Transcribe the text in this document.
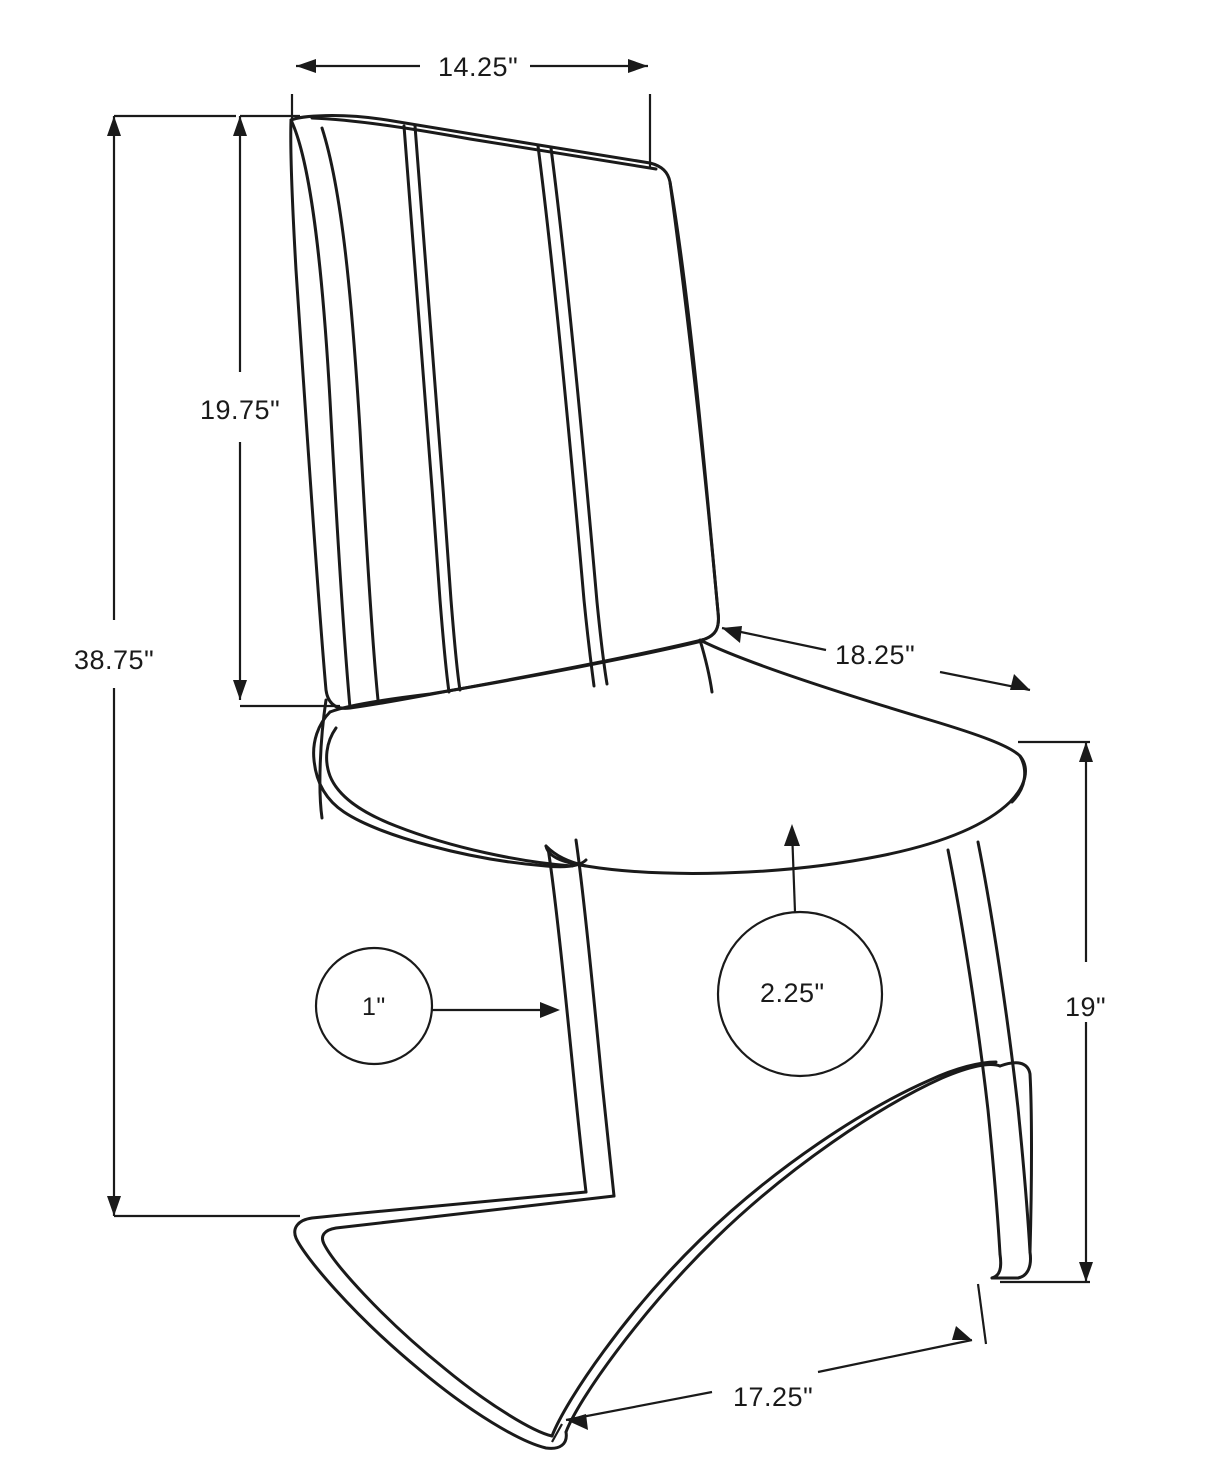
14.25"
19.75"
38.75"	18.25"
19"
17.25"
1"	2.25"
